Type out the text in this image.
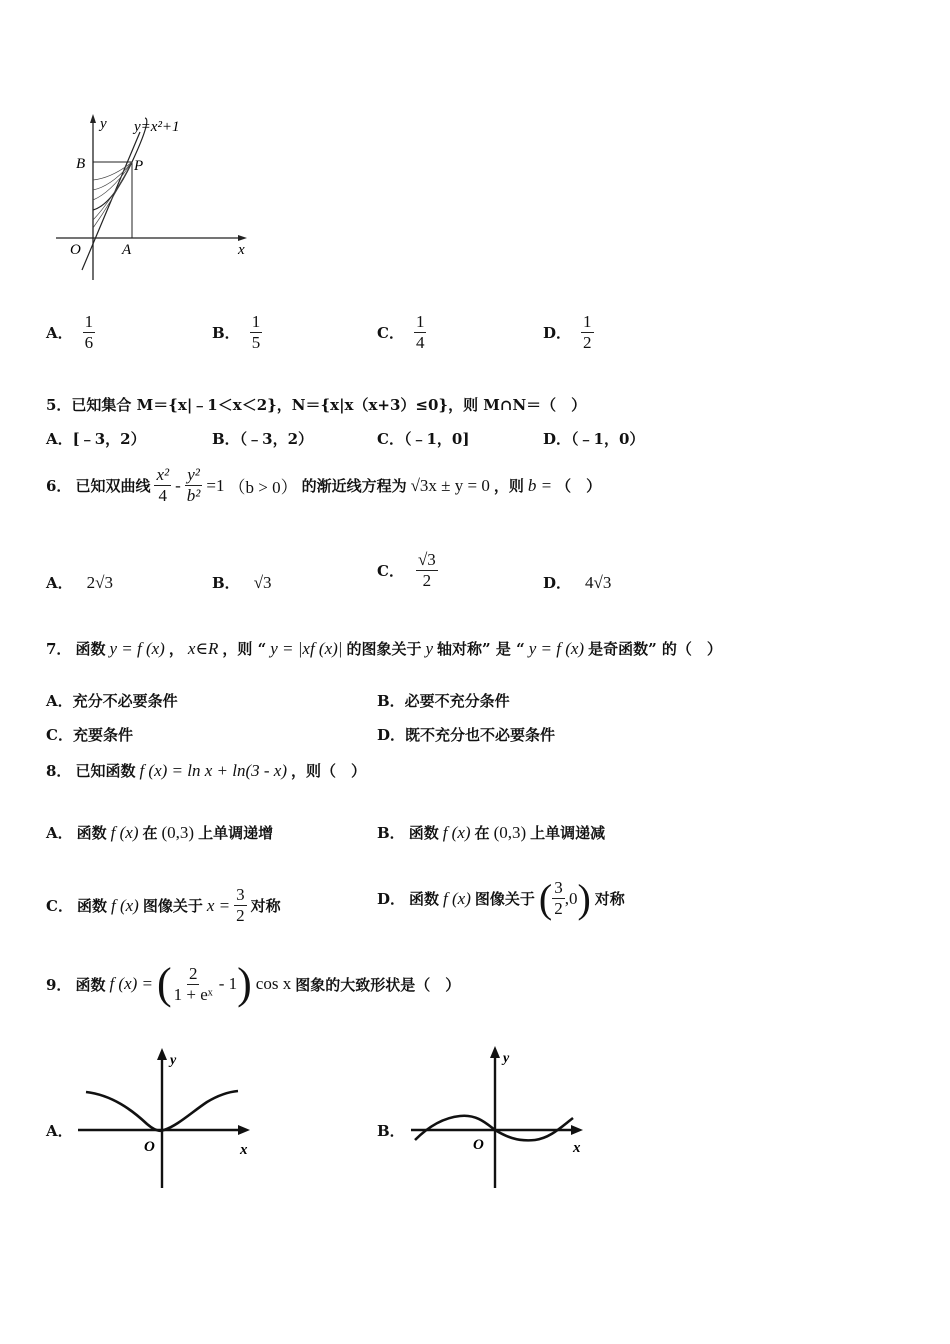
y y=x²+1
B	P
O	A	x
A． $\frac{1}{6}$	B． $\frac{1}{5}$	C． $\frac{1}{4}$	D． $\frac{1}{2}$
5．已知集合 M＝{x|﹣1＜x＜2}，N＝{x|x（x+3）≤0}，则 M∩N＝（　）
A．[﹣3，2）	B．（﹣3，2）	C．（﹣1，0]	D．（﹣1，0）
6． 已知双曲线 $\frac{\text{x²}}{4} - \frac{\text{y²}}{\text{b²}} =1$ （b > 0） 的渐近线方程为 √3x ± y = 0 ，则 b = （　）
A． 2√3	B． √3
C． $\frac{√3}{2}$	D． 4√3
7． 函数 y = f (x) ， x∈R ，则 “ y = |xf (x)| 的图象关于 y 轴对称” 是 “ y = f (x) 是奇函数” 的（　）
A．充分不必要条件	B．必要不充分条件
C．充要条件	D．既不充分也不必要条件
8． 已知函数 f (x) = ln x + ln(3 - x) ，则（　）
A． 函数 f (x) 在 (0,3) 上单调递增	B． 函数 f (x) 在 (0,3) 上单调递减
C． 函数 f (x) 图像关于 $x = \frac{3}{2}$ 对称	D． 函数 f (x) 图像关于 ( $\frac{3}{2} ,0$ ) 对称
9． 函数 f (x) = ( $\frac{2}{\text{1 + eˣ}} - 1$ ) cos x 图象的大致形状是（　）
A．
y
O	x
B．
y
O	x
